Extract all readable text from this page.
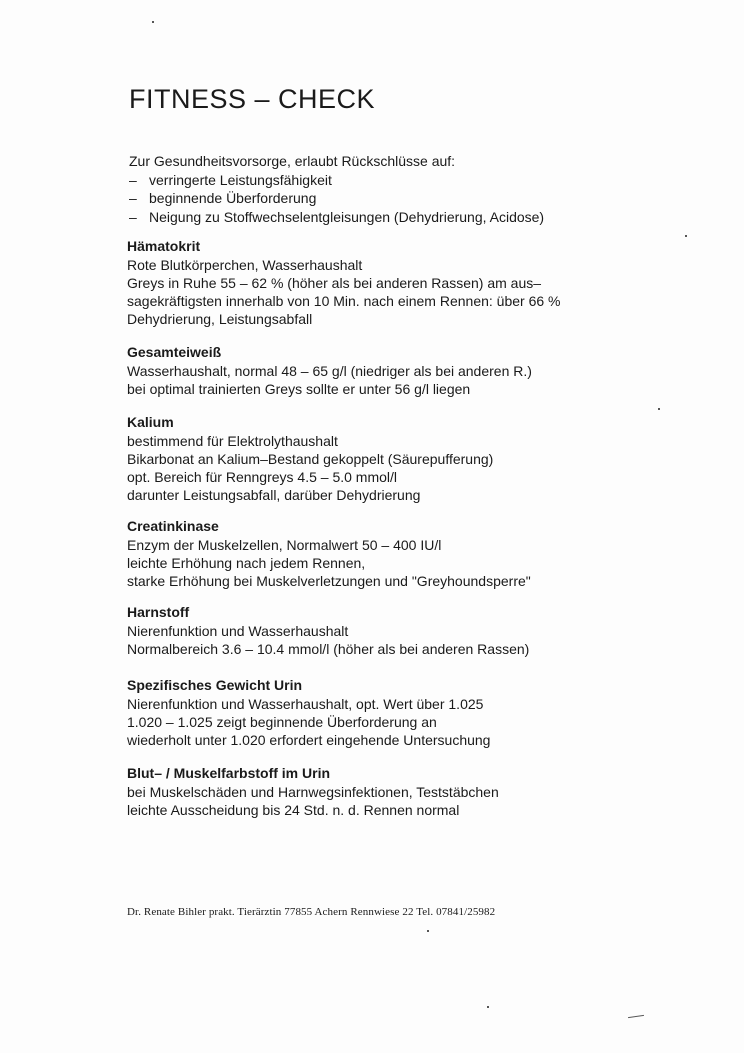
FITNESS – CHECK
Zur Gesundheitsvorsorge, erlaubt Rückschlüsse auf:
– verringerte Leistungsfähigkeit
– beginnende Überforderung
– Neigung zu Stoffwechselentgleisungen (Dehydrierung, Acidose)
Hämatokrit
Rote Blutkörperchen, Wasserhaushalt
Greys in Ruhe 55 – 62 % (höher als bei anderen Rassen) am aus–
sagekräftigsten innerhalb von 10 Min. nach einem Rennen: über 66 %
Dehydrierung, Leistungsabfall
Gesamteiweiß
Wasserhaushalt, normal 48 – 65 g/l (niedriger als bei anderen R.)
bei optimal trainierten Greys sollte er unter 56 g/l liegen
Kalium
bestimmend für Elektrolythaushalt
Bikarbonat an Kalium–Bestand gekoppelt (Säurepufferung)
opt. Bereich für Renngreys 4.5 – 5.0 mmol/l
darunter Leistungsabfall, darüber Dehydrierung
Creatinkinase
Enzym der Muskelzellen, Normalwert 50 – 400 IU/l
leichte Erhöhung nach jedem Rennen,
starke Erhöhung bei Muskelverletzungen und "Greyhoundsperre"
Harnstoff
Nierenfunktion und Wasserhaushalt
Normalbereich 3.6 – 10.4 mmol/l (höher als bei anderen Rassen)
Spezifisches Gewicht Urin
Nierenfunktion und Wasserhaushalt, opt. Wert über 1.025
1.020 – 1.025 zeigt beginnende Überforderung an
wiederholt unter 1.020 erfordert eingehende Untersuchung
Blut– / Muskelfarbstoff im Urin
bei Muskelschäden und Harnwegsinfektionen, Teststäbchen
leichte Ausscheidung bis 24 Std. n. d. Rennen normal
Dr. Renate Bihler prakt. Tierärztin 77855 Achern Rennwiese 22 Tel. 07841/25982
